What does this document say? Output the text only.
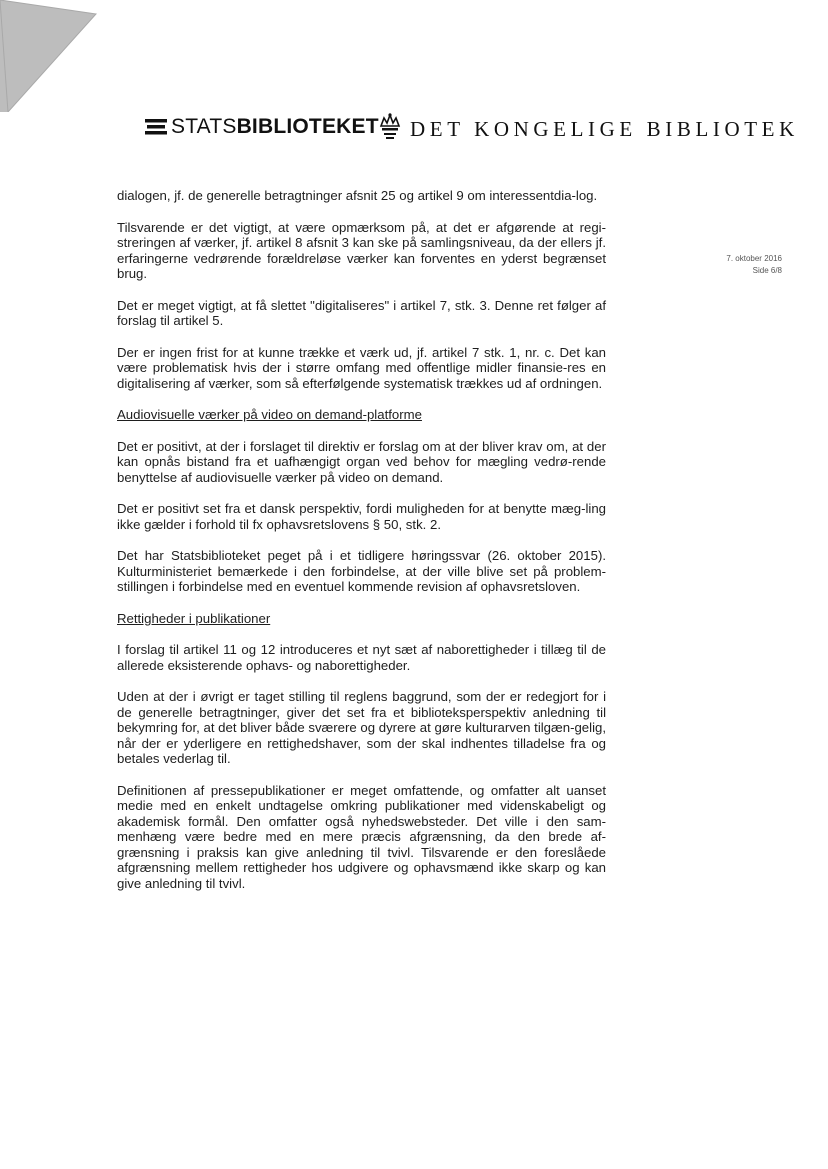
STATS BIBLIOTEKET DET KONGELIGE BIBLIOTEK
7. oktober 2016
Side 6/8

dialogen, jf. de generelle betragtninger afsnit 25 og artikel 9 om interessentdia-log.

Tilsvarende er det vigtigt, at være opmærksom på, at det er afgørende at regi-streringen af værker, jf. artikel 8 afsnit 3 kan ske på samlingsniveau, da der ellers jf. erfaringerne vedrørende forældreløse værker kan forventes en yderst begrænset brug.

Det er meget vigtigt, at få slettet "digitaliseres" i artikel 7, stk. 3. Denne ret følger af forslag til artikel 5.

Der er ingen frist for at kunne trække et værk ud, jf. artikel 7 stk. 1, nr. c. Det kan være problematisk hvis der i større omfang med offentlige midler finansie-res en digitalisering af værker, som så efterfølgende systematisk trækkes ud af ordningen.

Audiovisuelle værker på video on demand-platforme

Det er positivt, at der i forslaget til direktiv er forslag om at der bliver krav om, at der kan opnås bistand fra et uafhængigt organ ved behov for mægling vedrø-rende benyttelse af audiovisuelle værker på video on demand.

Det er positivt set fra et dansk perspektiv, fordi muligheden for at benytte mæg-ling ikke gælder i forhold til fx ophavsretslovens § 50, stk. 2.

Det har Statsbiblioteket peget på i et tidligere høringssvar (26. oktober 2015). Kulturministeriet bemærkede i den forbindelse, at der ville blive set på problem-stillingen i forbindelse med en eventuel kommende revision af ophavsretsloven.

Rettigheder i publikationer

I forslag til artikel 11 og 12 introduceres et nyt sæt af naborettigheder i tillæg til de allerede eksisterende ophavs- og naborettigheder.

Uden at der i øvrigt er taget stilling til reglens baggrund, som der er redegjort for i de generelle betragtninger, giver det set fra et biblioteksperspektiv anledning til bekymring for, at det bliver både sværere og dyrere at gøre kulturarven tilgæn-gelig, når der er yderligere en rettighedshaver, som der skal indhentes tilladelse fra og betales vederlag til.

Definitionen af pressepublikationer er meget omfattende, og omfatter alt uanset medie med en enkelt undtagelse omkring publikationer med videnskabeligt og akademisk formål. Den omfatter også nyhedswebsteder. Det ville i den sam-menhæng være bedre med en mere præcis afgrænsning, da den brede af-grænsning i praksis kan give anledning til tvivl. Tilsvarende er den foreslåede afgrænsning mellem rettigheder hos udgivere og ophavsmænd ikke skarp og kan give anledning til tvivl.
